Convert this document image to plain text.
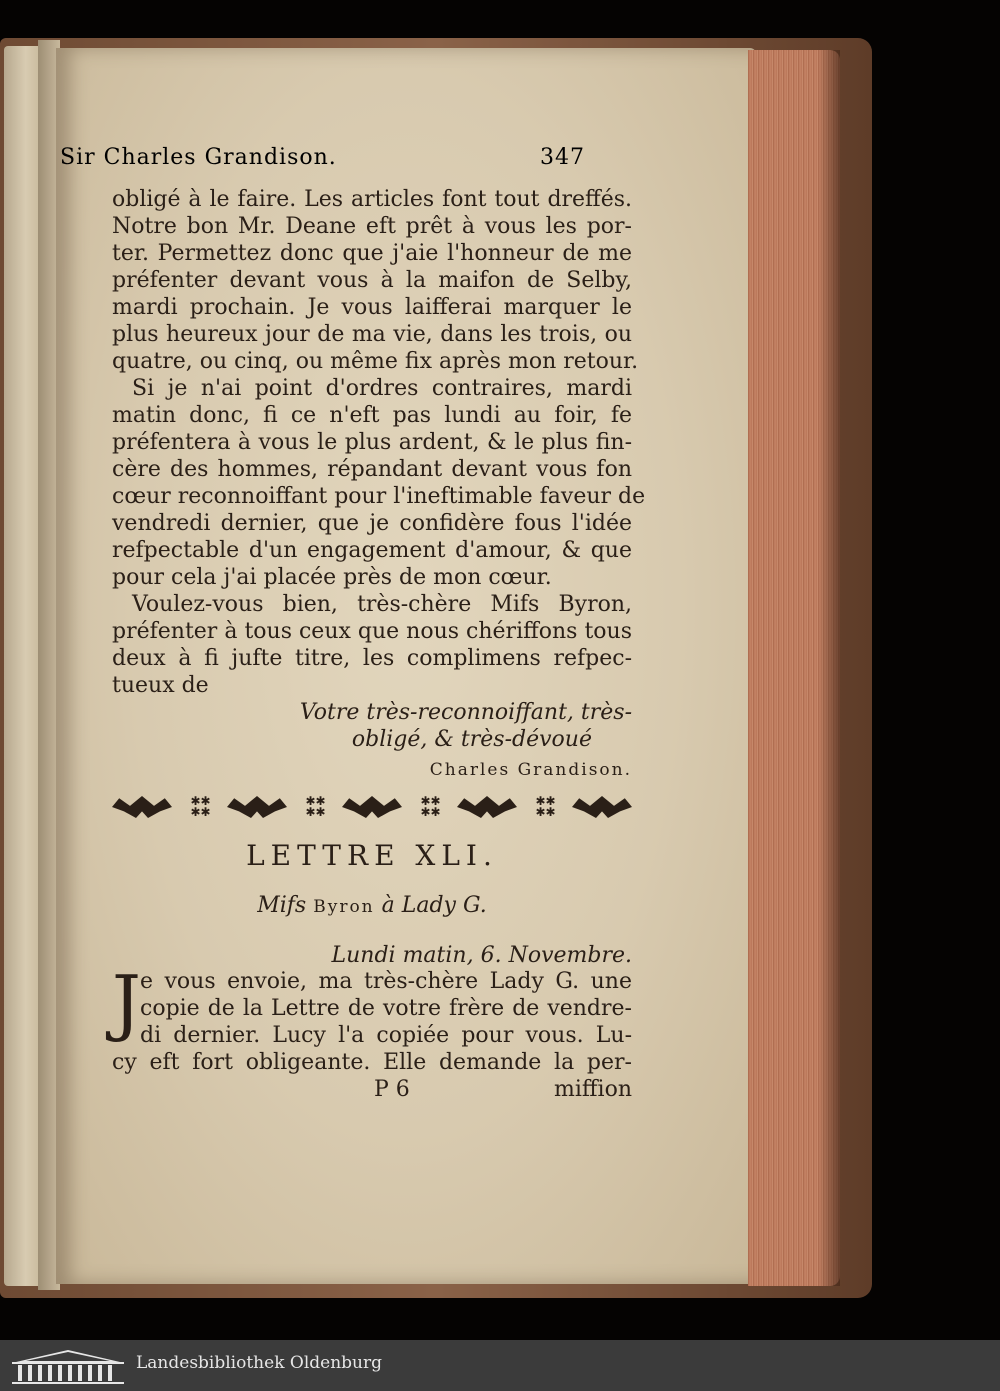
Sir Charles Grandison.	347
obligé à le faire. Les articles font tout dreffés.
Notre bon Mr. Deane eft prêt à vous les por-
ter. Permettez donc que j'aie l'honneur de me
préfenter devant vous à la maifon de Selby,
mardi prochain. Je vous laifferai marquer le
plus heureux jour de ma vie, dans les trois, ou
quatre, ou cinq, ou même fix après mon retour.
Si je n'ai point d'ordres contraires, mardi
matin donc, fi ce n'eft pas lundi au foir, fe
préfentera à vous le plus ardent, & le plus fin-
cère des hommes, répandant devant vous fon
cœur reconnoiffant pour l'ineftimable faveur de
vendredi dernier, que je confidère fous l'idée
refpectable d'un engagement d'amour, & que
pour cela j'ai placée près de mon cœur.
Voulez-vous bien, très-chère Mifs Byron,
préfenter à tous ceux que nous chériffons tous
deux à fi jufte titre, les complimens refpec-
tueux de
Votre très-reconnoiffant, très-
obligé, & très-dévoué
Charles Grandison.
✱✱
✱✱
✱✱
✱✱
✱✱
✱✱
✱✱
✱✱
LETTRE XLI.
Mifs Byron à Lady G.
Lundi matin, 6. Novembre.
J e vous envoie, ma très-chère Lady G. une
copie de la Lettre de votre frère de vendre-
di dernier. Lucy l'a copiée pour vous. Lu-
cy eft fort obligeante. Elle demande la per-
P 6	miffion
Landesbibliothek Oldenburg
